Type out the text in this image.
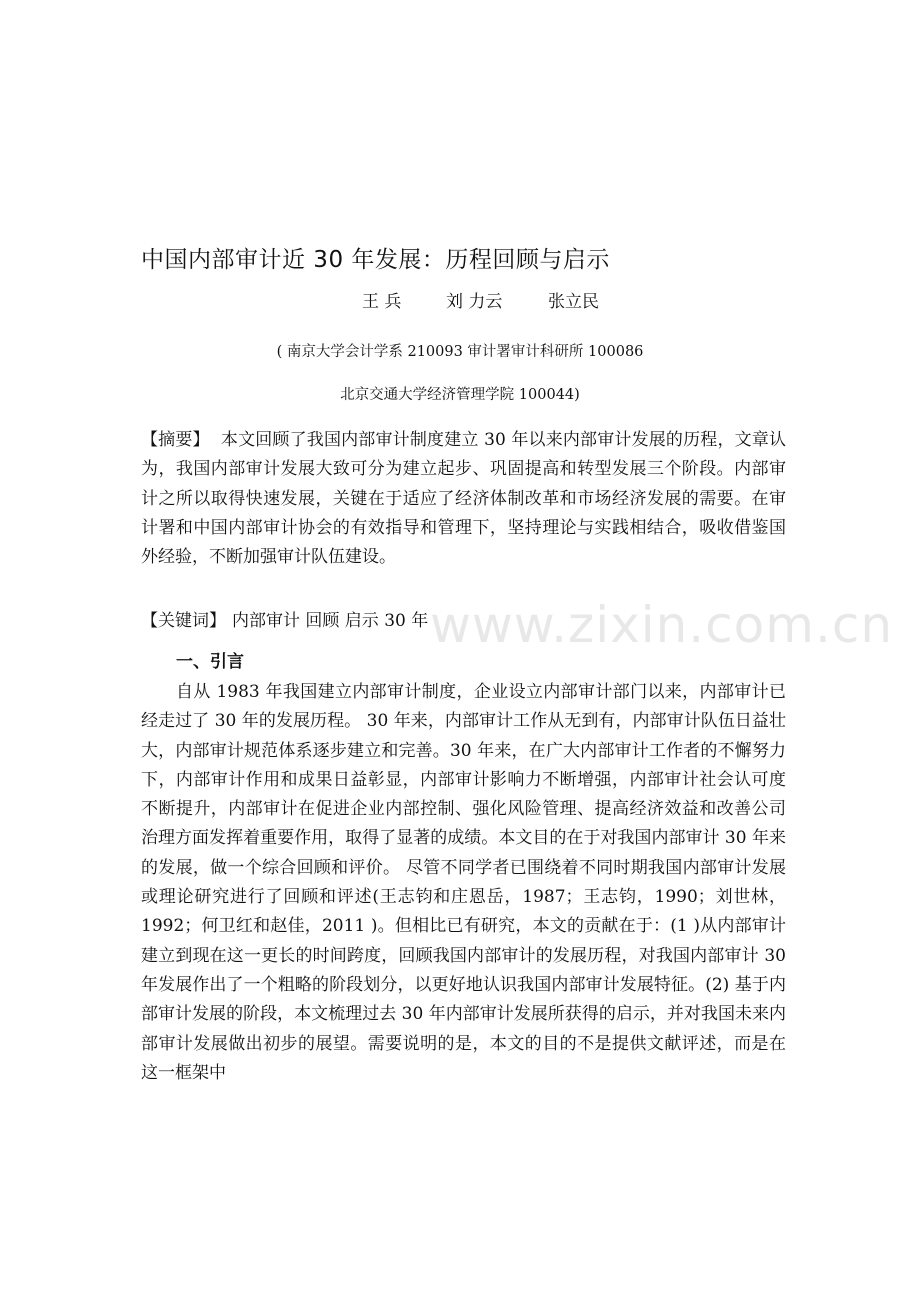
中国内部审计近 30 年发展：历程回顾与启示
王 兵	刘 力云	张立民
( 南京大学会计学系 210093 审计署审计科研所 100086
北京交通大学经济管理学院 100044)
【摘要】 本文回顾了我国内部审计制度建立 30 年以来内部审计发展的历程，文章认为，我国内部审计发展大致可分为建立起步、巩固提高和转型发展三个阶段。内部审计之所以取得快速发展，关键在于适应了经济体制改革和市场经济发展的需要。在审计署和中国内部审计协会的有效指导和管理下，坚持理论与实践相结合，吸收借鉴国外经验，不断加强审计队伍建设。
【关键词】 内部审计 回顾 启示 30 年
一、引言
自从 1983 年我国建立内部审计制度，企业设立内部审计部门以来，内部审计已经走过了 30 年的发展历程。 30 年来，内部审计工作从无到有，内部审计队伍日益壮大，内部审计规范体系逐步建立和完善。30 年来，在广大内部审计工作者的不懈努力下，内部审计作用和成果日益彰显，内部审计影响力不断增强，内部审计社会认可度不断提升，内部审计在促进企业内部控制、强化风险管理、提高经济效益和改善公司治理方面发挥着重要作用，取得了显著的成绩。本文目的在于对我国内部审计 30 年来的发展，做一个综合回顾和评价。 尽管不同学者已围绕着不同时期我国内部审计发展或理论研究进行了回顾和评述(王志钧和庄恩岳，1987；王志钧，1990；刘世林，1992；何卫红和赵佳，2011 )。但相比已有研究，本文的贡献在于：(1 )从内部审计建立到现在这一更长的时间跨度，回顾我国内部审计的发展历程，对我国内部审计 30 年发展作出了一个粗略的阶段划分，以更好地认识我国内部审计发展特征。(2) 基于内部审计发展的阶段，本文梳理过去 30 年内部审计发展所获得的启示，并对我国未来内部审计发展做出初步的展望。需要说明的是，本文的目的不是提供文献评述，而是在这一框架中
www.zixin.com.cn
